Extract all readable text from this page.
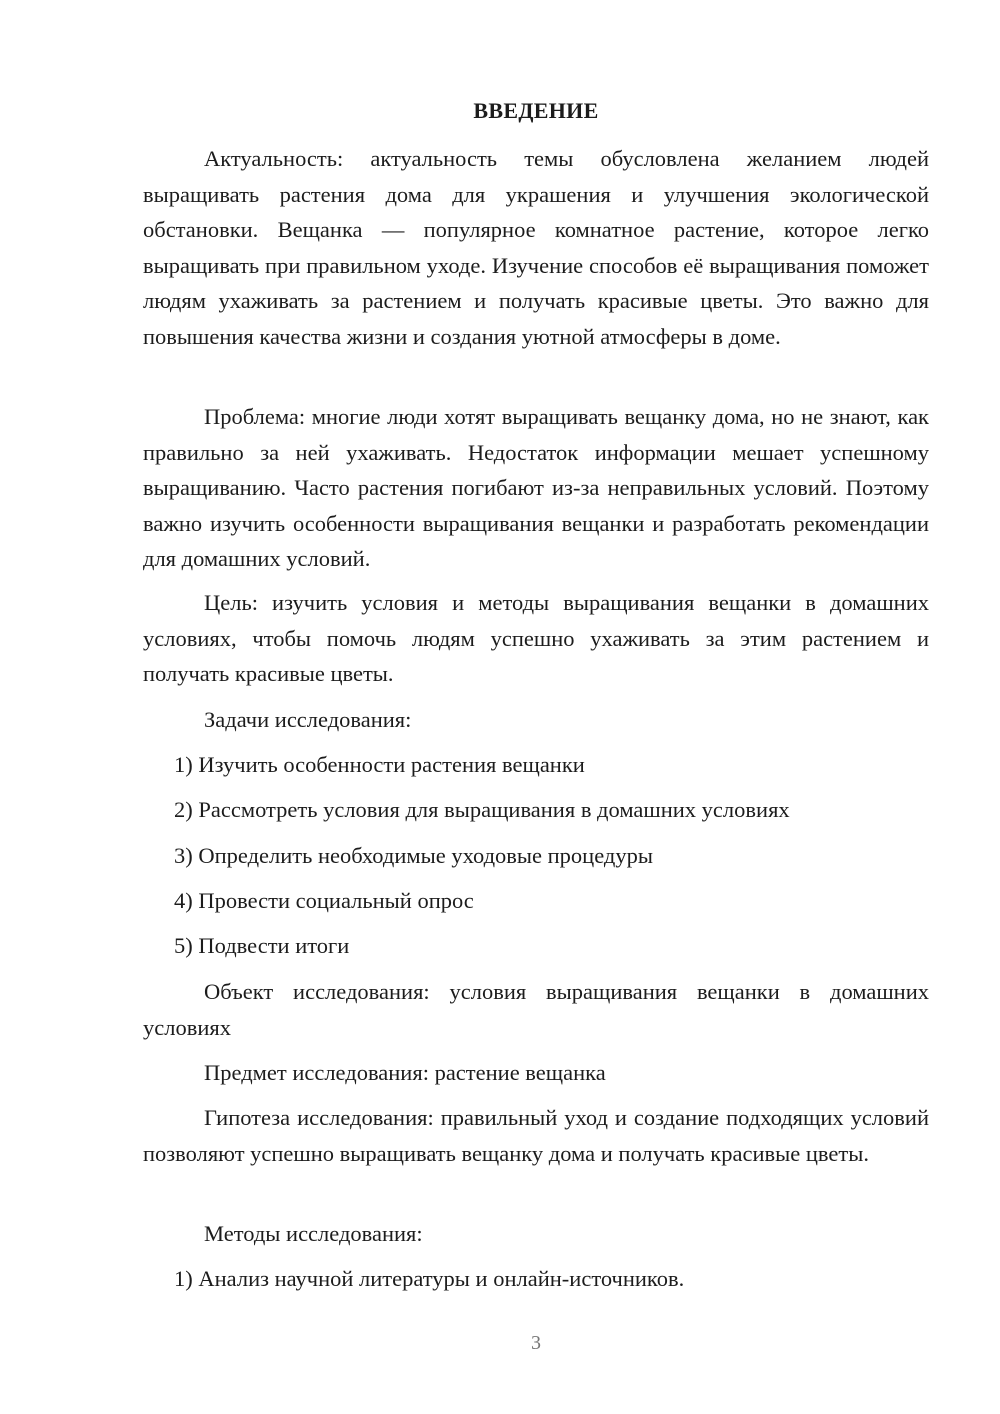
ВВЕДЕНИЕ

Актуальность: актуальность темы обусловлена желанием людей выращивать растения дома для украшения и улучшения экологической обстановки. Вещанка — популярное комнатное растение, которое легко выращивать при правильном уходе. Изучение способов её выращивания поможет людям ухаживать за растением и получать красивые цветы. Это важно для повышения качества жизни и создания уютной атмосферы в доме.

Проблема: многие люди хотят выращивать вещанку дома, но не знают, как правильно за ней ухаживать. Недостаток информации мешает успешному выращиванию. Часто растения погибают из-за неправильных условий. Поэтому важно изучить особенности выращивания вещанки и разработать рекомендации для домашних условий.

Цель: изучить условия и методы выращивания вещанки в домашних условиях, чтобы помочь людям успешно ухаживать за этим растением и получать красивые цветы.

Задачи исследования:
1) Изучить особенности растения вещанки
2) Рассмотреть условия для выращивания в домашних условиях
3) Определить необходимые уходовые процедуры
4) Провести социальный опрос
5) Подвести итоги

Объект исследования: условия выращивания вещанки в домашних условиях

Предмет исследования: растение вещанка

Гипотеза исследования: правильный уход и создание подходящих условий позволяют успешно выращивать вещанку дома и получать красивые цветы.

Методы исследования:
1) Анализ научной литературы и онлайн-источников.
3
